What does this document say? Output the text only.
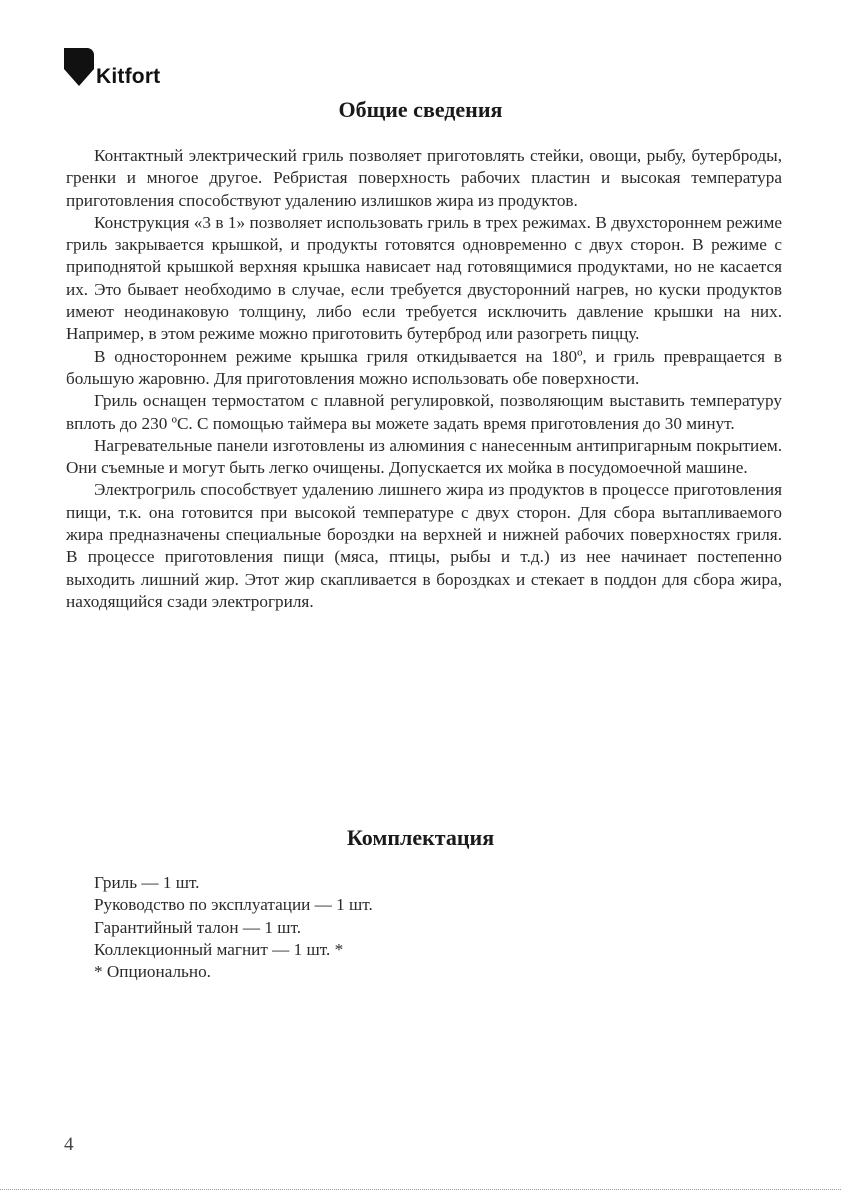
Kitfort
Общие сведения

Контактный электрический гриль позволяет приготовлять стейки, овощи, рыбу, бутерброды, гренки и многое другое. Ребристая поверхность рабочих пластин и высокая температура приготовления способствуют удалению излишков жира из продуктов.

Конструкция «3 в 1» позволяет использовать гриль в трех режимах. В двухстороннем режиме гриль закрывается крышкой, и продукты готовятся одновременно с двух сторон. В режиме с приподнятой крышкой верхняя крышка нависает над готовящимися продуктами, но не касается их. Это бывает необходимо в случае, если требуется двусторонний нагрев, но куски продуктов имеют неодинаковую толщину, либо если требуется исключить давление крышки на них. Например, в этом режиме можно приготовить бутерброд или разогреть пиццу.

В одностороннем режиме крышка гриля откидывается на 180º, и гриль превращается в большую жаровню. Для приготовления можно использовать обе поверхности.

Гриль оснащен термостатом с плавной регулировкой, позволяющим выставить температуру вплоть до 230 ºС. С помощью таймера вы можете задать время приготовления до 30 минут.

Нагревательные панели изготовлены из алюминия с нанесенным антипригарным покрытием. Они съемные и могут быть легко очищены. Допускается их мойка в посудомоечной машине.

Электрогриль способствует удалению лишнего жира из продуктов в процессе приготовления пищи, т.к. она готовится при высокой температуре с двух сторон. Для сбора вытапливаемого жира предназначены специальные бороздки на верхней и нижней рабочих поверхностях гриля. В процессе приготовления пищи (мяса, птицы, рыбы и т.д.) из нее начинает постепенно выходить лишний жир. Этот жир скапливается в бороздках и стекает в поддон для сбора жира, находящийся сзади электрогриля.

Комплектация
Гриль — 1 шт.
Руководство по эксплуатации — 1 шт.
Гарантийный талон — 1 шт.
Коллекционный магнит — 1 шт. *
* Опционально.
4
